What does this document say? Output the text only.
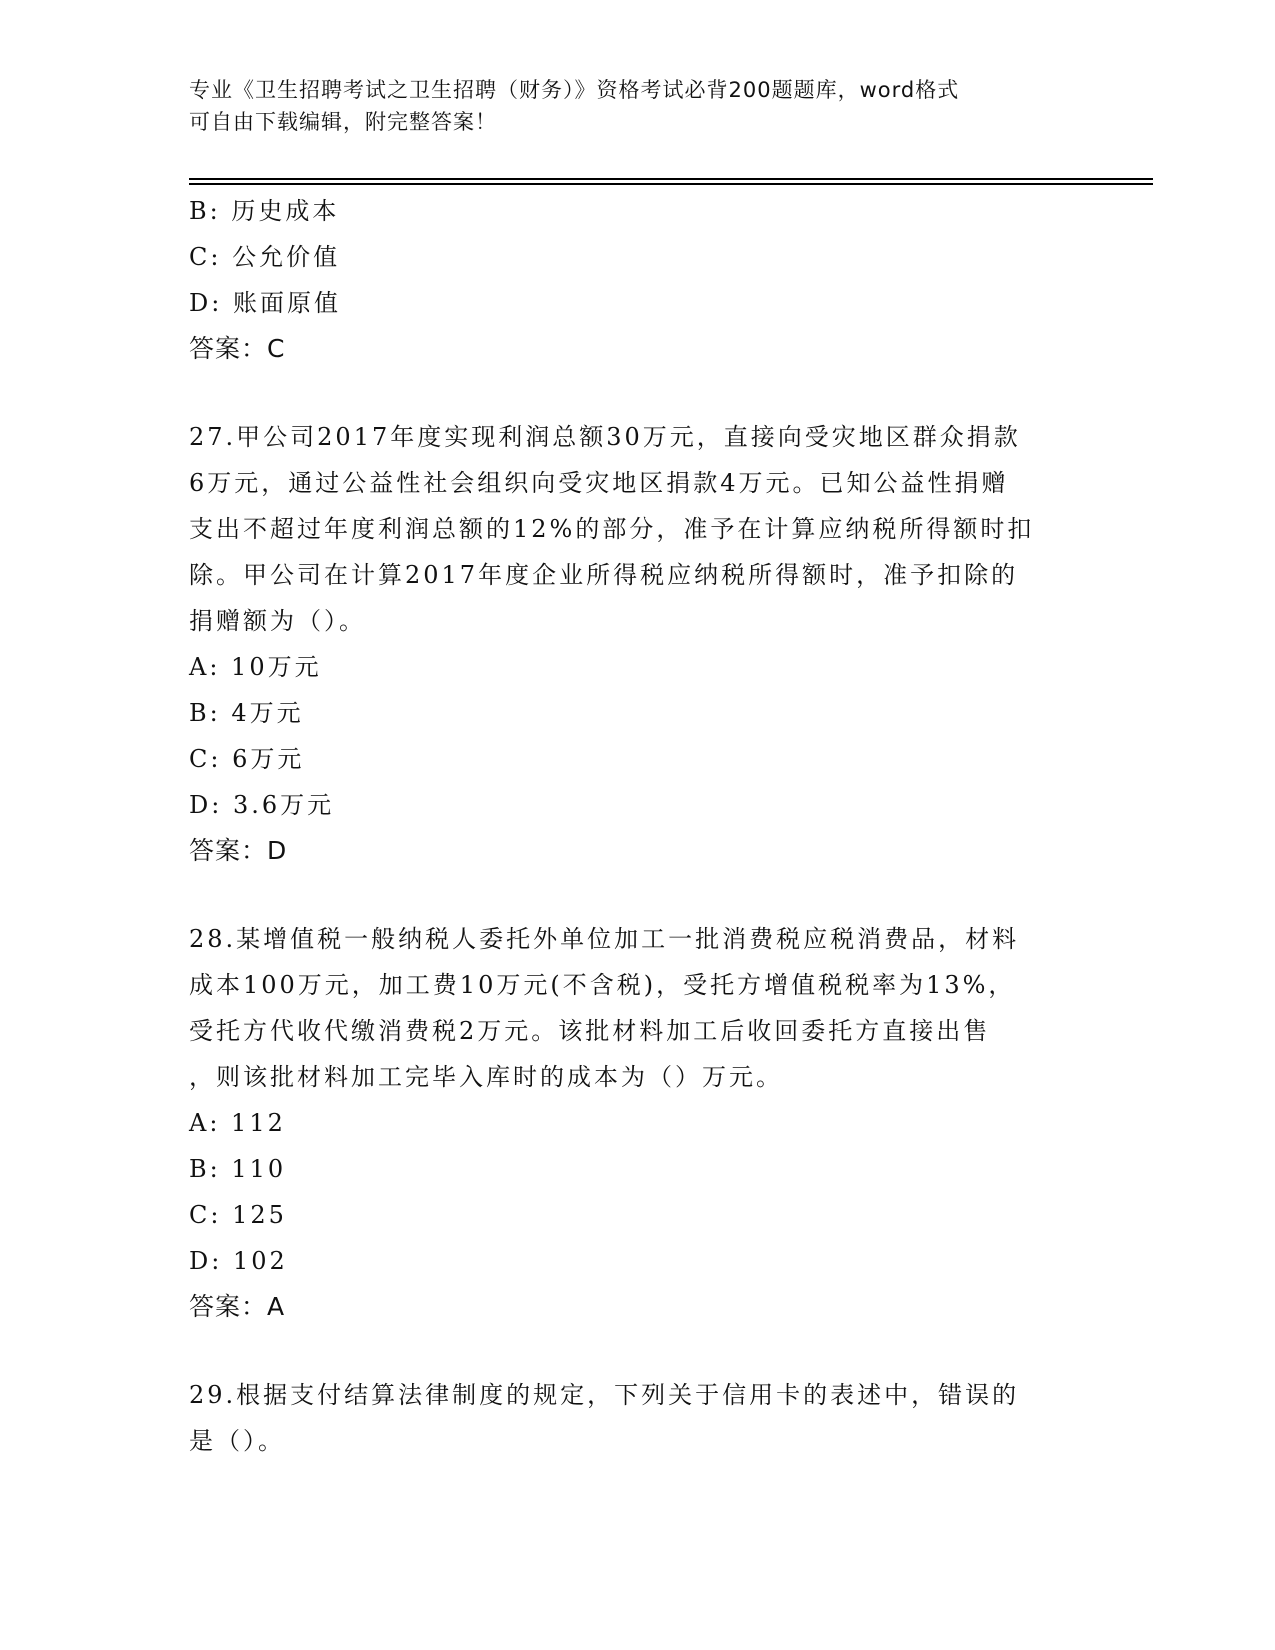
专业《卫生招聘考试之卫生招聘（财务）》资格考试必背200题题库，word格式
可自由下载编辑，附完整答案！
B: 历史成本
C: 公允价值
D: 账面原值
答案：C
27.甲公司2017年度实现利润总额30万元，直接向受灾地区群众捐款
6万元，通过公益性社会组织向受灾地区捐款4万元。已知公益性捐赠
支出不超过年度利润总额的12%的部分，准予在计算应纳税所得额时扣
除。甲公司在计算2017年度企业所得税应纳税所得额时，准予扣除的
捐赠额为（）。
A: 10万元
B: 4万元
C: 6万元
D: 3.6万元
答案：D
28.某增值税一般纳税人委托外单位加工一批消费税应税消费品，材料
成本100万元，加工费10万元(不含税)，受托方增值税税率为13%，
受托方代收代缴消费税2万元。该批材料加工后收回委托方直接出售
，则该批材料加工完毕入库时的成本为（）万元。
A: 112
B: 110
C: 125
D: 102
答案：A
29.根据支付结算法律制度的规定，下列关于信用卡的表述中，错误的
是（）。
